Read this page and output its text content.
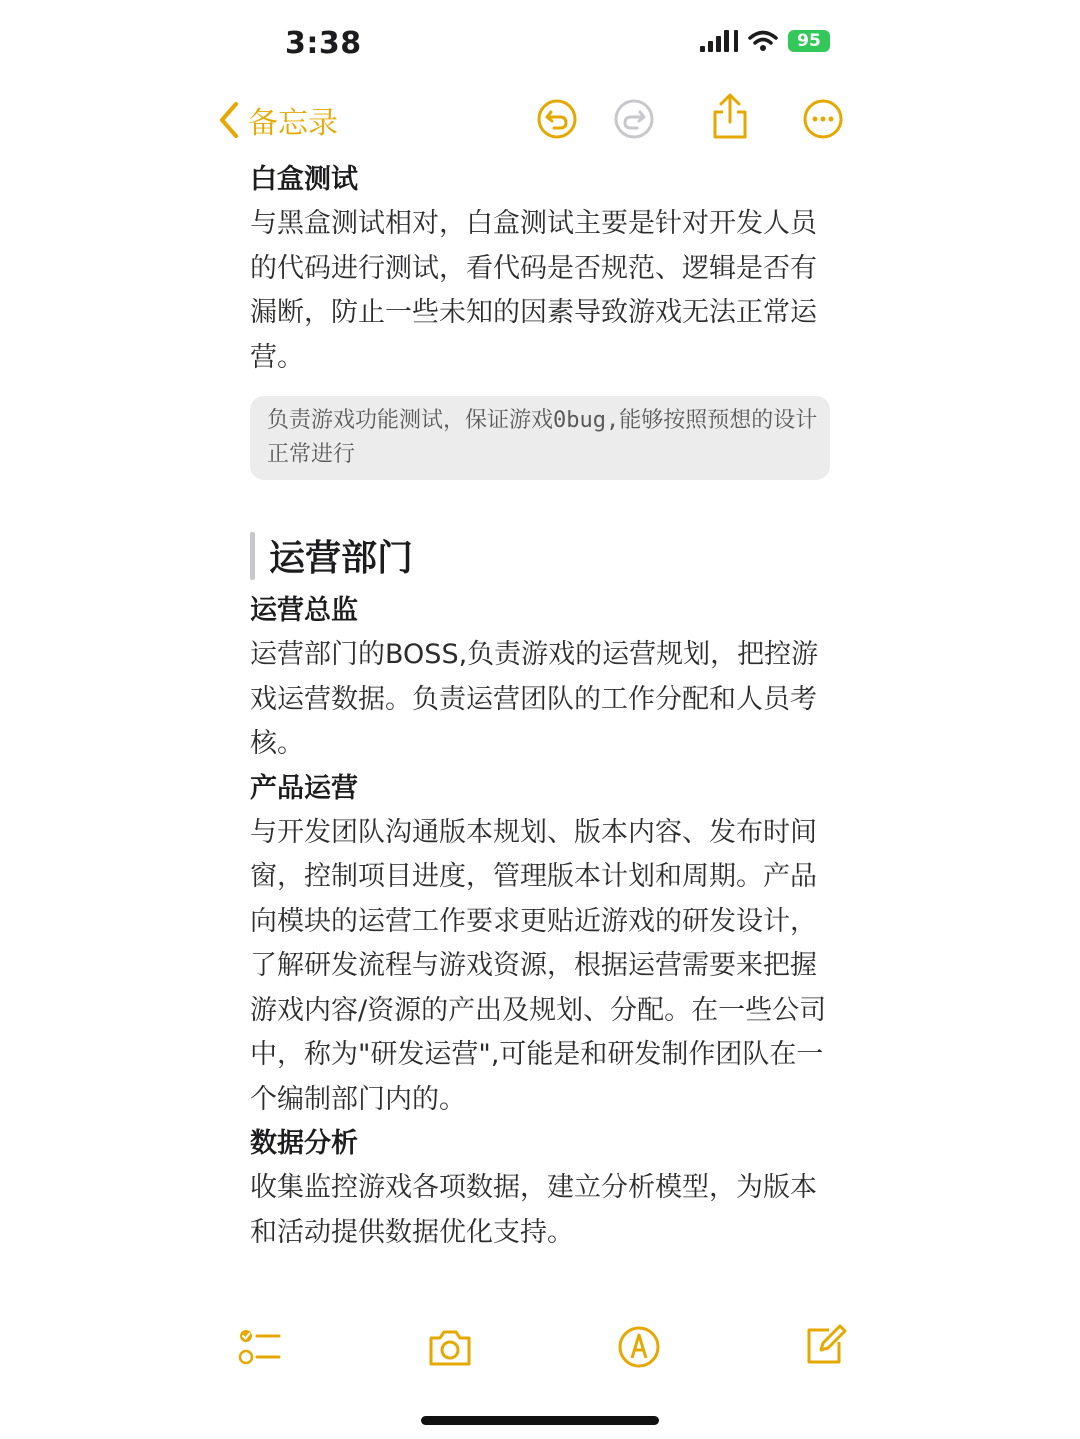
3:38	95
备忘录

白盒测试

与黑盒测试相对，白盒测试主要是针对开发人员的代码进行测试，看代码是否规范、逻辑是否有漏断，防止一些未知的因素导致游戏无法正常运营。

负责游戏功能测试，保证游戏0bug,能够按照预想的设计正常进行
运营部门

运营总监

运营部门的BOSS,负责游戏的运营规划，把控游戏运营数据。负责运营团队的工作分配和人员考核。

产品运营

与开发团队沟通版本规划、版本内容、发布时间窗，控制项目进度，管理版本计划和周期。产品向模块的运营工作要求更贴近游戏的研发设计，了解研发流程与游戏资源，根据运营需要来把握游戏内容/资源的产出及规划、分配。在一些公司中，称为"研发运营",可能是和研发制作团队在一个编制部门内的。

数据分析

收集监控游戏各项数据，建立分析模型，为版本和活动提供数据优化支持。
